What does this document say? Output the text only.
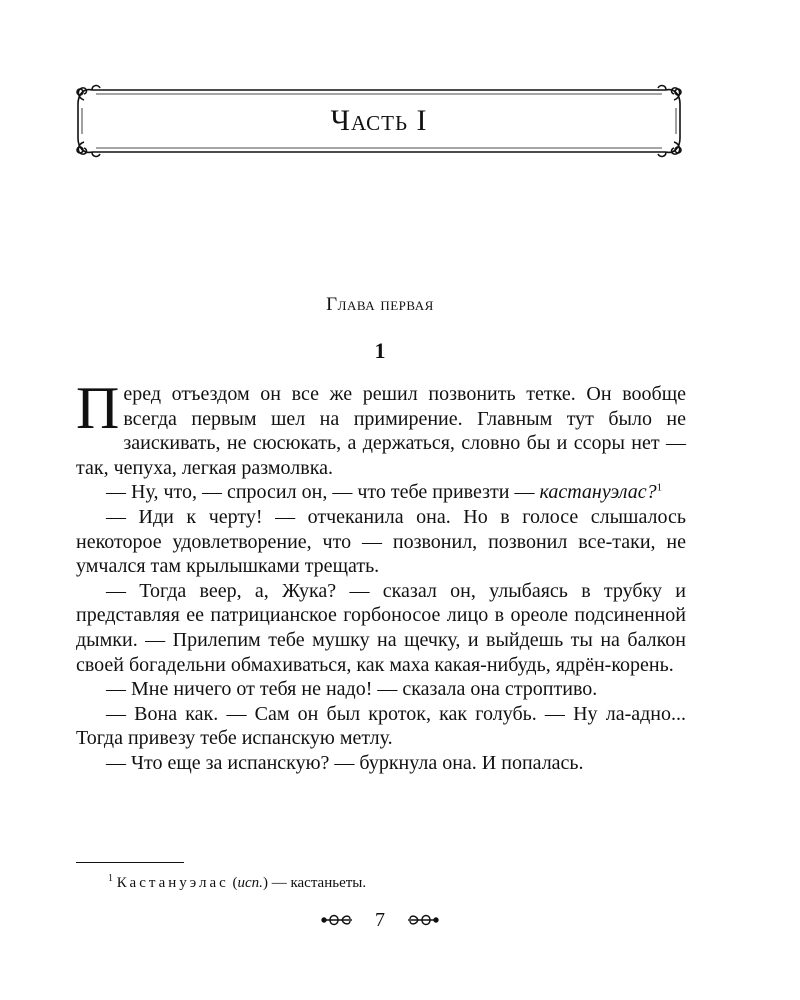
Часть I
Глава первая
1

Перед отъездом он все же решил позвонить тетке. Он вообще всегда первым шел на примирение. Главным тут было не заискивать, не сюсюкать, а держаться, словно бы и ссоры нет — так, чепуха, легкая размолвка.

— Ну, что, — спросил он, — что тебе привезти — кастануэлас?$^1$

— Иди к черту! — отчеканила она. Но в голосе слышалось некоторое удовлетворение, что — позвонил, позвонил все-таки, не умчался там крылышками трещать.

— Тогда веер, а, Жука? — сказал он, улыбаясь в трубку и представляя ее патрицианское горбоносое лицо в ореоле подсиненной дымки. — Прилепим тебе мушку на щечку, и выйдешь ты на балкон своей богадельни обмахиваться, как маха какая-нибудь, ядрён-корень.

— Мне ничего от тебя не надо! — сказала она строптиво.

— Вона как. — Сам он был кроток, как голубь. — Ну ла-адно... Тогда привезу тебе испанскую метлу.

— Что еще за испанскую? — буркнула она. И попалась.

$^1$ Кастануэлас (исп.) — кастаньеты.
7
